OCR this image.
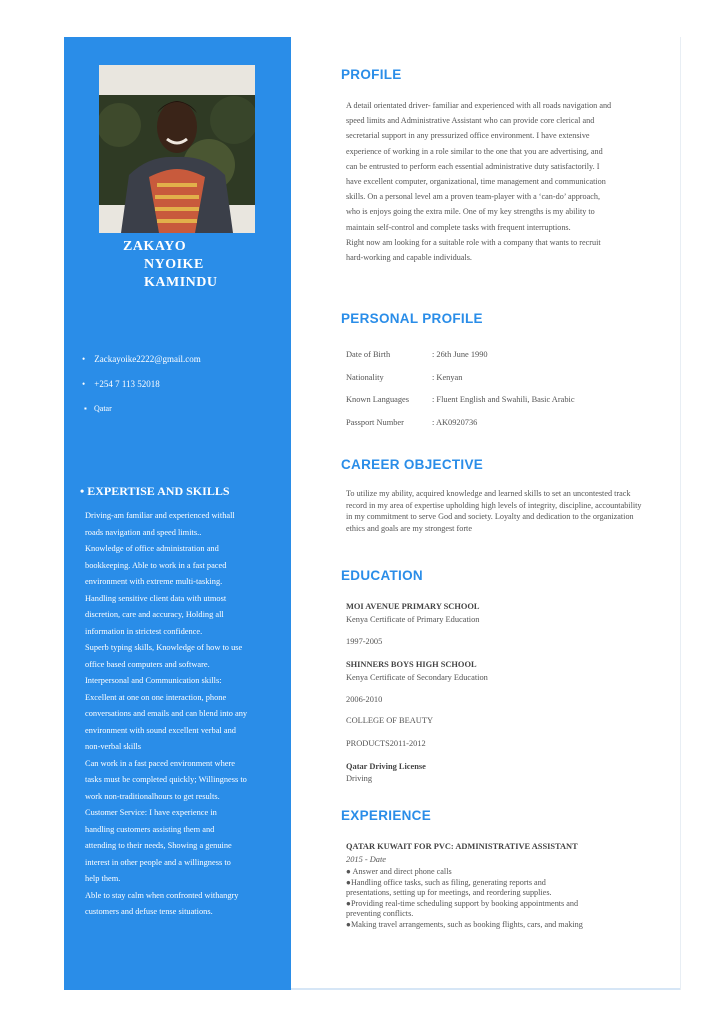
ZAKAYO
NYOIKE
KAMINDU
• Zackayoike2222@gmail.com
• +254 7 113 52018
▪ Qatar
• EXPERTISE AND SKILLS

Driving-am familiar and experienced withall

roads navigation and speed limits..

Knowledge of office administration and

bookkeeping. Able to work in a fast paced

environment with extreme multi-tasking.

Handling sensitive client data with utmost

discretion, care and accuracy, Holding all

information in strictest confidence.

Superb typing skills, Knowledge of how to use

office based computers and software.

Interpersonal and Communication skills:

Excellent at one on one interaction, phone

conversations and emails and can blend into any

environment with sound excellent verbal and

non-verbal skills

Can work in a fast paced environment where

tasks must be completed quickly; Willingness to

work non-traditionalhours to get results.

Customer Service: I have experience in

handling customers assisting them and

attending to their needs, Showing a genuine

interest in other people and a willingness to

help them.

Able to stay calm when confronted withangry

customers and defuse tense situations.

PROFILE

A detail orientated driver- familiar and experienced with all roads navigation and

speed limits and Administrative Assistant who can provide core clerical and

secretarial support in any pressurized office environment. I have extensive

experience of working in a role similar to the one that you are advertising, and

can be entrusted to perform each essential administrative duty satisfactorily. I

have excellent computer, organizational, time management and communication

skills. On a personal level am a proven team-player with a ‘can-do’ approach,

who is enjoys going the extra mile. One of my key strengths is my ability to

maintain self-control and complete tasks with frequent interruptions.

Right now am looking for a suitable role with a company that wants to recruit

hard-working and capable individuals.

PERSONAL PROFILE
Date of Birth	: 26th June 1990
Nationality	: Kenyan
Known Languages	: Fluent English and Swahili, Basic Arabic
Passport Number	: AK0920736
CAREER OBJECTIVE
To utilize my ability, acquired knowledge and learned skills to set an uncontested track record in my area of expertise upholding high levels of integrity, discipline, accountability in my commitment to serve God and society. Loyalty and dedication to the organization ethics and goals are my strongest forte
EDUCATION
MOI AVENUE PRIMARY SCHOOL
Kenya Certificate of Primary Education
1997-2005
SHINNERS BOYS HIGH SCHOOL
Kenya Certificate of Secondary Education
2006-2010
COLLEGE OF BEAUTY
PRODUCTS2011-2012
Qatar Driving License
Driving
EXPERIENCE
QATAR KUWAIT FOR PVC: ADMINISTRATIVE ASSISTANT
2015 - Date

● Answer and direct phone calls

●Handling office tasks, such as filing, generating reports and

presentations, setting up for meetings, and reordering supplies.

●Providing real-time scheduling support by booking appointments and

preventing conflicts.

●Making travel arrangements, such as booking flights, cars, and making
